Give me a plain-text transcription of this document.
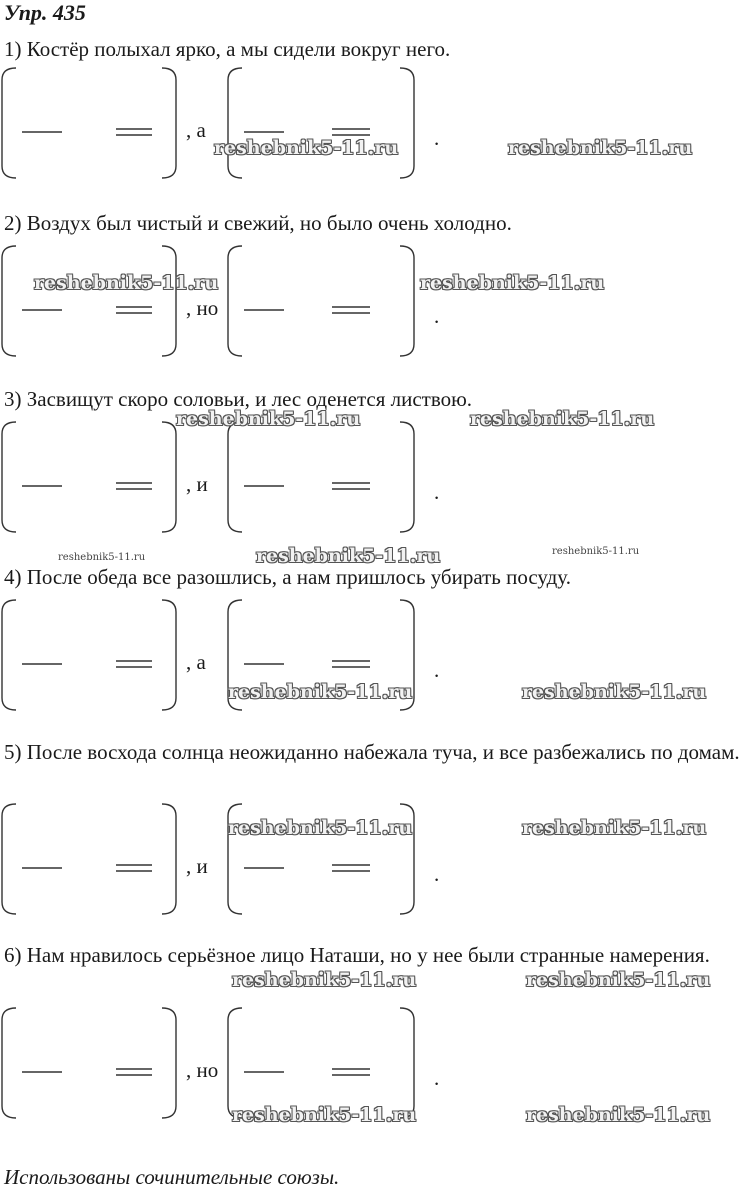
Упр. 435
1) Костёр полыхал ярко, а мы сидели вокруг него.
2) Воздух был чистый и свежий, но было очень холодно.
3) Засвищут скоро соловьи, и лес оденется листвою.
4) После обеда все разошлись, а нам пришлось убирать посуду.
5) После восхода солнца неожиданно набежала туча, и все разбежались по домам.
6) Нам нравилось серьёзное лицо Наташи, но у нее были странные намерения.
, а	.
, но	.
, и	.
, а	.
, и	.
, но	.
reshebnik5-11.ru	reshebnik5-11.ru
reshebnik5-11.ru	reshebnik5-11.ru
reshebnik5-11.ru	reshebnik5-11.ru
reshebnik5-11.ru	reshebnik5-11.ru	reshebnik5-11.ru
reshebnik5-11.ru	reshebnik5-11.ru
reshebnik5-11.ru	reshebnik5-11.ru
reshebnik5-11.ru	reshebnik5-11.ru
reshebnik5-11.ru	reshebnik5-11.ru
Использованы сочинительные союзы.
